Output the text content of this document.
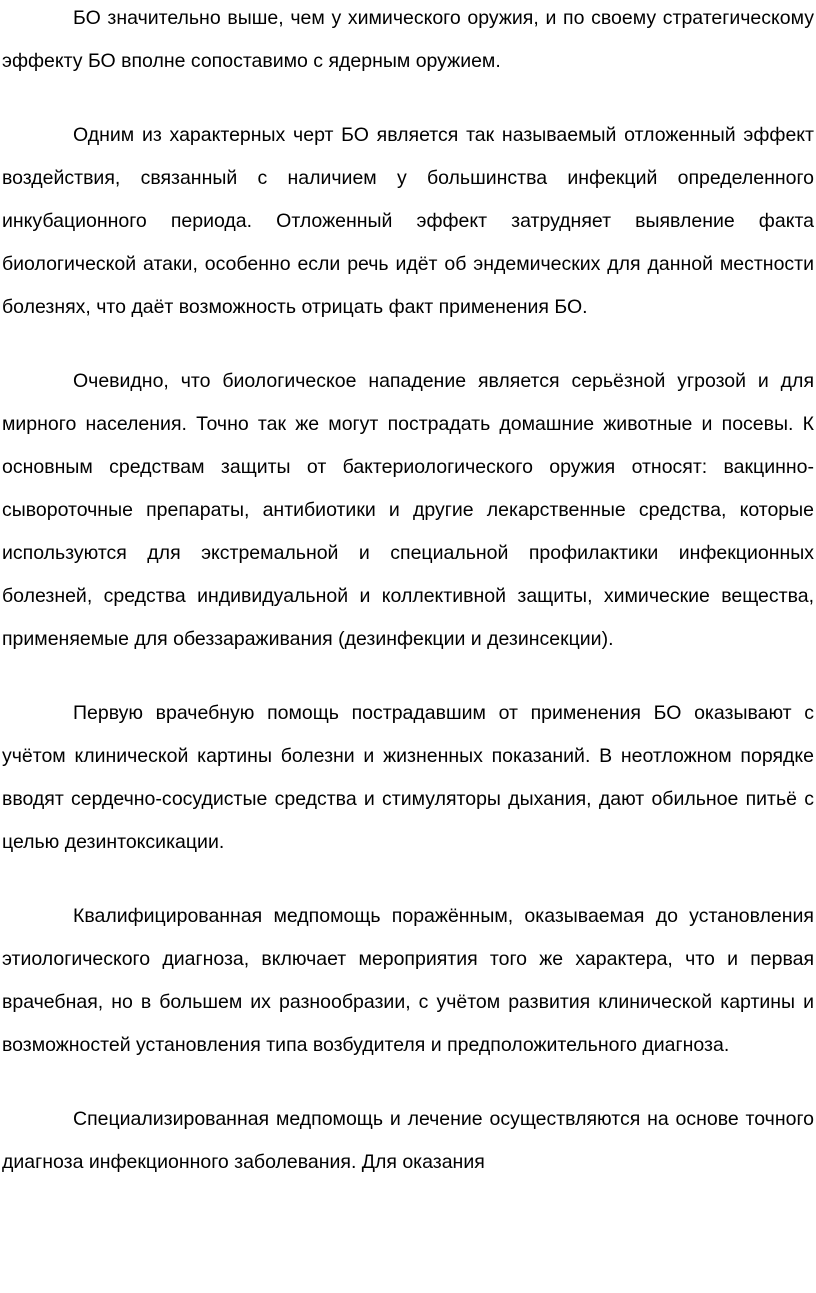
БО значительно выше, чем у химического оружия, и по своему стратегическому эффекту БО вполне сопоставимо с ядерным оружием.

Одним из характерных черт БО является так называемый отложенный эффект воздействия, связанный с наличием у большинства инфекций определенного инкубационного периода. Отложенный эффект затрудняет выявление факта биологической атаки, особенно если речь идёт об эндемических для данной местности болезнях, что даёт возможность отрицать факт применения БО.

Очевидно, что биологическое нападение является серьёзной угрозой и для мирного населения. Точно так же могут пострадать домашние животные и посевы. К основным средствам защиты от бактериологического оружия относят: вакцинно-сывороточные препараты, антибиотики и другие лекарственные средства, которые используются для экстремальной и специальной профилактики инфекционных болезней, средства индивидуальной и коллективной защиты, химические вещества, применяемые для обеззараживания (дезинфекции и дезинсекции).

Первую врачебную помощь пострадавшим от применения БО оказывают с учётом клинической картины болезни и жизненных показаний. В неотложном порядке вводят сердечно-сосудистые средства и стимуляторы дыхания, дают обильное питьё с целью дезинтоксикации.

Квалифицированная медпомощь поражённым, оказываемая до установления этиологического диагноза, включает мероприятия того же характера, что и первая врачебная, но в большем их разнообразии, с учётом развития клинической картины и возможностей установления типа возбудителя и предположительного диагноза.

Специализированная медпомощь и лечение осуществляются на основе точного диагноза инфекционного заболевания. Для оказания
